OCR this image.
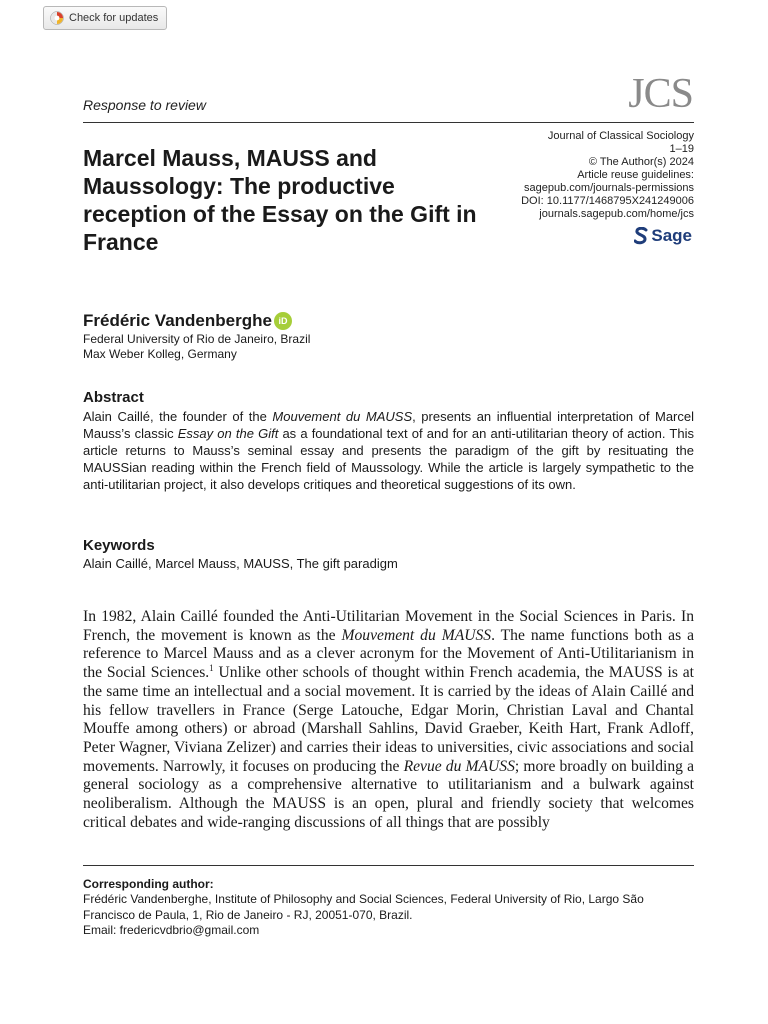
Check for updates
Response to review	JCS
Journal of Classical Sociology
1–19
© The Author(s) 2024
Article reuse guidelines:
sagepub.com/journals-permissions
DOI: 10.1177/1468795X241249006
journals.sagepub.com/home/jcs
Sage
Marcel Mauss, MAUSS and Maussology: The productive reception of the Essay on the Gift in France
Frédéric Vandenberghe iD
Federal University of Rio de Janeiro, Brazil
Max Weber Kolleg, Germany
Abstract
Alain Caillé, the founder of the Mouvement du MAUSS, presents an influential interpretation of Marcel Mauss’s classic Essay on the Gift as a foundational text of and for an anti-utilitarian theory of action. This article returns to Mauss’s seminal essay and presents the paradigm of the gift by resituating the MAUSSian reading within the French field of Maussology. While the article is largely sympathetic to the anti-utilitarian project, it also develops critiques and theoretical suggestions of its own.
Keywords
Alain Caillé, Marcel Mauss, MAUSS, The gift paradigm
In 1982, Alain Caillé founded the Anti-Utilitarian Movement in the Social Sciences in Paris. In French, the movement is known as the Mouvement du MAUSS. The name functions both as a reference to Marcel Mauss and as a clever acronym for the Movement of Anti-Utilitarianism in the Social Sciences.$^1$ Unlike other schools of thought within French academia, the MAUSS is at the same time an intellectual and a social movement. It is carried by the ideas of Alain Caillé and his fellow travellers in France (Serge Latouche, Edgar Morin, Christian Laval and Chantal Mouffe among others) or abroad (Marshall Sahlins, David Graeber, Keith Hart, Frank Adloff, Peter Wagner, Viviana Zelizer) and carries their ideas to universities, civic associations and social movements. Narrowly, it focuses on producing the Revue du MAUSS; more broadly on building a general sociology as a comprehensive alternative to utilitarianism and a bulwark against neoliberalism. Although the MAUSS is an open, plural and friendly society that welcomes critical debates and wide-ranging discussions of all things that are possibly
Corresponding author:
Frédéric Vandenberghe, Institute of Philosophy and Social Sciences, Federal University of Rio, Largo São
Francisco de Paula, 1, Rio de Janeiro - RJ, 20051-070, Brazil.
Email: fredericvdbrio@gmail.com
